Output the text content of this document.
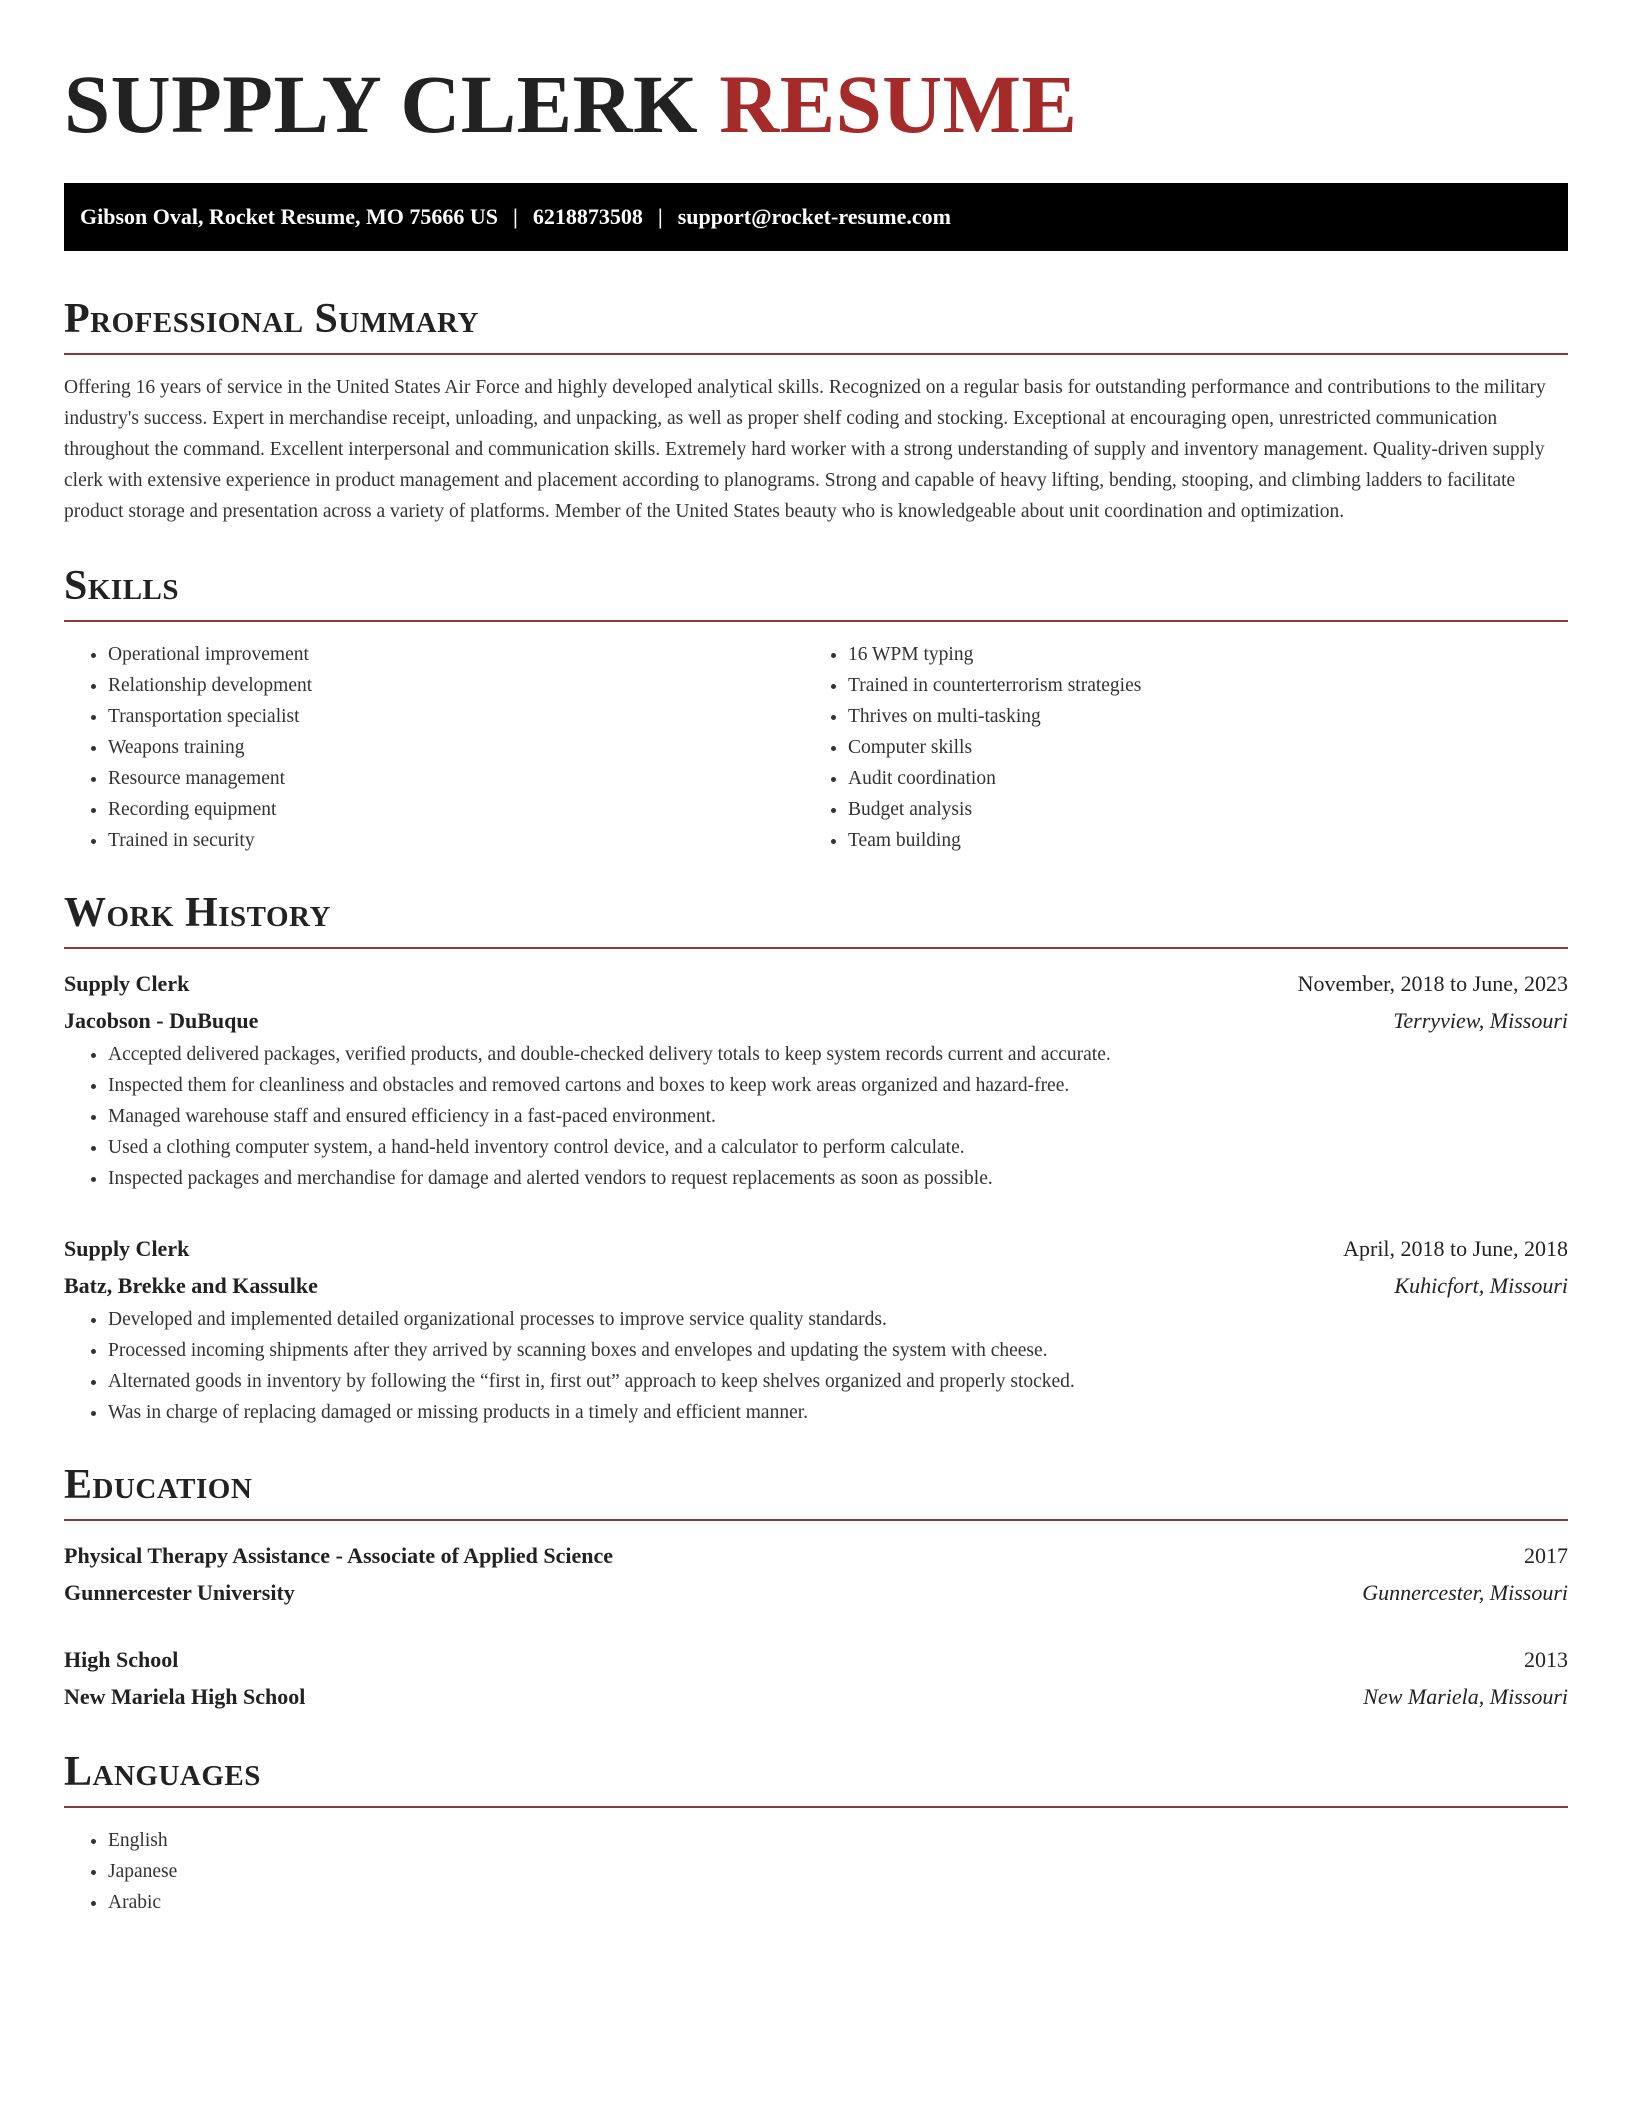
SUPPLY CLERK RESUME
Gibson Oval, Rocket Resume, MO 75666 US | 6218873508 | support@rocket-resume.com
Professional Summary

Offering 16 years of service in the United States Air Force and highly developed analytical skills. Recognized on a regular basis for outstanding performance and contributions to the military industry's success. Expert in merchandise receipt, unloading, and unpacking, as well as proper shelf coding and stocking. Exceptional at encouraging open, unrestricted communication throughout the command. Excellent interpersonal and communication skills. Extremely hard worker with a strong understanding of supply and inventory management. Quality-driven supply clerk with extensive experience in product management and placement according to planograms. Strong and capable of heavy lifting, bending, stooping, and climbing ladders to facilitate product storage and presentation across a variety of platforms. Member of the United States beauty who is knowledgeable about unit coordination and optimization.

Skills
• Operational improvement
• Relationship development
• Transportation specialist
• Weapons training
• Resource management
• Recording equipment
• Trained in security
• 16 WPM typing
• Trained in counterterrorism strategies
• Thrives on multi-tasking
• Computer skills
• Audit coordination
• Budget analysis
• Team building
Work History
Supply Clerk	November, 2018 to June, 2023
Jacobson - DuBuque	Terryview, Missouri
• Accepted delivered packages, verified products, and double-checked delivery totals to keep system records current and accurate.
• Inspected them for cleanliness and obstacles and removed cartons and boxes to keep work areas organized and hazard-free.
• Managed warehouse staff and ensured efficiency in a fast-paced environment.
• Used a clothing computer system, a hand-held inventory control device, and a calculator to perform calculate.
• Inspected packages and merchandise for damage and alerted vendors to request replacements as soon as possible.
Supply Clerk	April, 2018 to June, 2018
Batz, Brekke and Kassulke	Kuhicfort, Missouri
• Developed and implemented detailed organizational processes to improve service quality standards.
• Processed incoming shipments after they arrived by scanning boxes and envelopes and updating the system with cheese.
• Alternated goods in inventory by following the “first in, first out” approach to keep shelves organized and properly stocked.
• Was in charge of replacing damaged or missing products in a timely and efficient manner.
Education
Physical Therapy Assistance - Associate of Applied Science	2017
Gunnercester University	Gunnercester, Missouri
High School	2013
New Mariela High School	New Mariela, Missouri
Languages
• English
• Japanese
• Arabic
